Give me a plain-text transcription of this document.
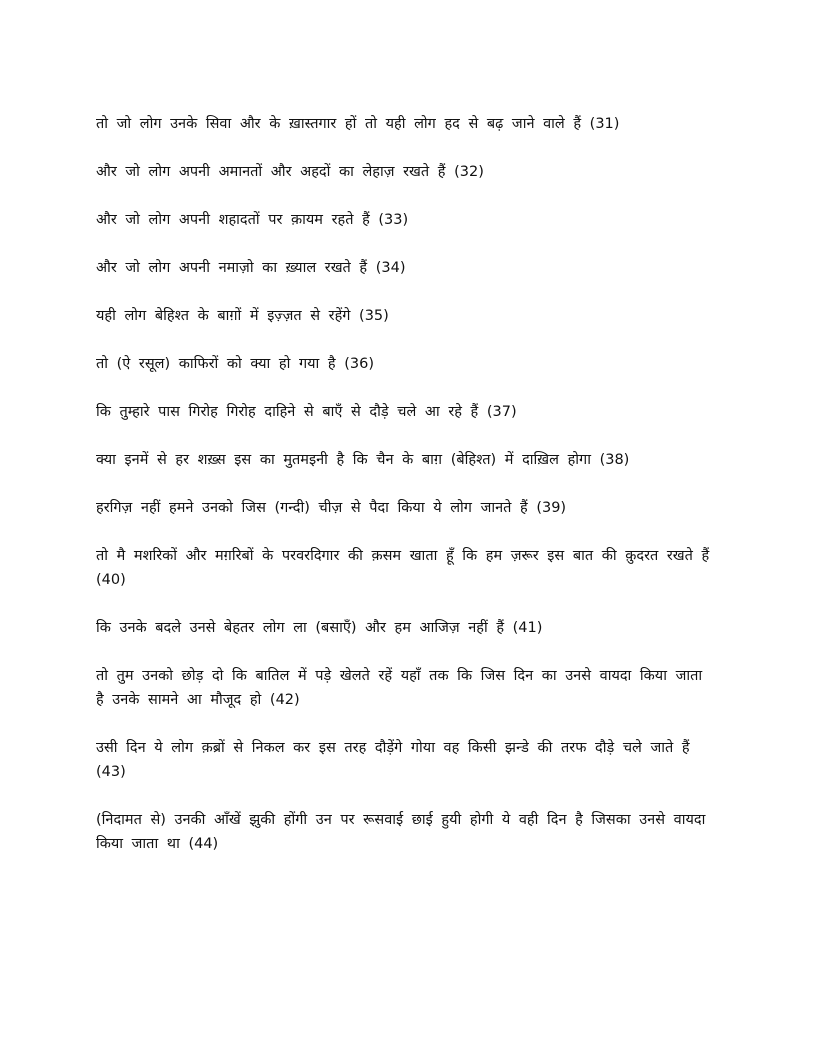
तो जो लोग उनके सिवा और के ख़ास्तगार हों तो यही लोग हद से बढ़ जाने वाले हैं (31)

और जो लोग अपनी अमानतों और अहदों का लेहाज़ रखते हैं (32)

और जो लोग अपनी शहादतों पर क़ायम रहते हैं (33)

और जो लोग अपनी नमाज़ो का ख़्याल रखते हैं (34)

यही लोग बेहिश्त के बाग़ों में इज़्ज़त से रहेंगे (35)

तो (ऐ रसूल) काफिरों को क्या हो गया है (36)

कि तुम्हारे पास गिरोह गिरोह दाहिने से बाएँ से दौड़े चले आ रहे हैं (37)

क्या इनमें से हर शख़्स इस का मुतमइनी है कि चैन के बाग़ (बेहिश्त) में दाख़िल होगा (38)

हरगिज़ नहीं हमने उनको जिस (गन्दी) चीज़ से पैदा किया ये लोग जानते हैं (39)

तो मै मशरिकों और मग़रिबों के परवरदिगार की क़सम खाता हूँ कि हम ज़रूर इस बात की क़ुदरत रखते हैं (40)

कि उनके बदले उनसे बेहतर लोग ला (बसाएँ) और हम आजिज़ नहीं हैं (41)

तो तुम उनको छोड़ दो कि बातिल में पड़े खेलते रहें यहाँ तक कि जिस दिन का उनसे वायदा किया जाता है उनके सामने आ मौजूद हो (42)

उसी दिन ये लोग क़ब्रों से निकल कर इस तरह दौड़ेंगे गोया वह किसी झन्डे की तरफ दौड़े चले जाते हैं (43)

(निदामत से) उनकी आँखें झुकी होंगी उन पर रूसवाई छाई हुयी होगी ये वही दिन है जिसका उनसे वायदा किया जाता था (44)
